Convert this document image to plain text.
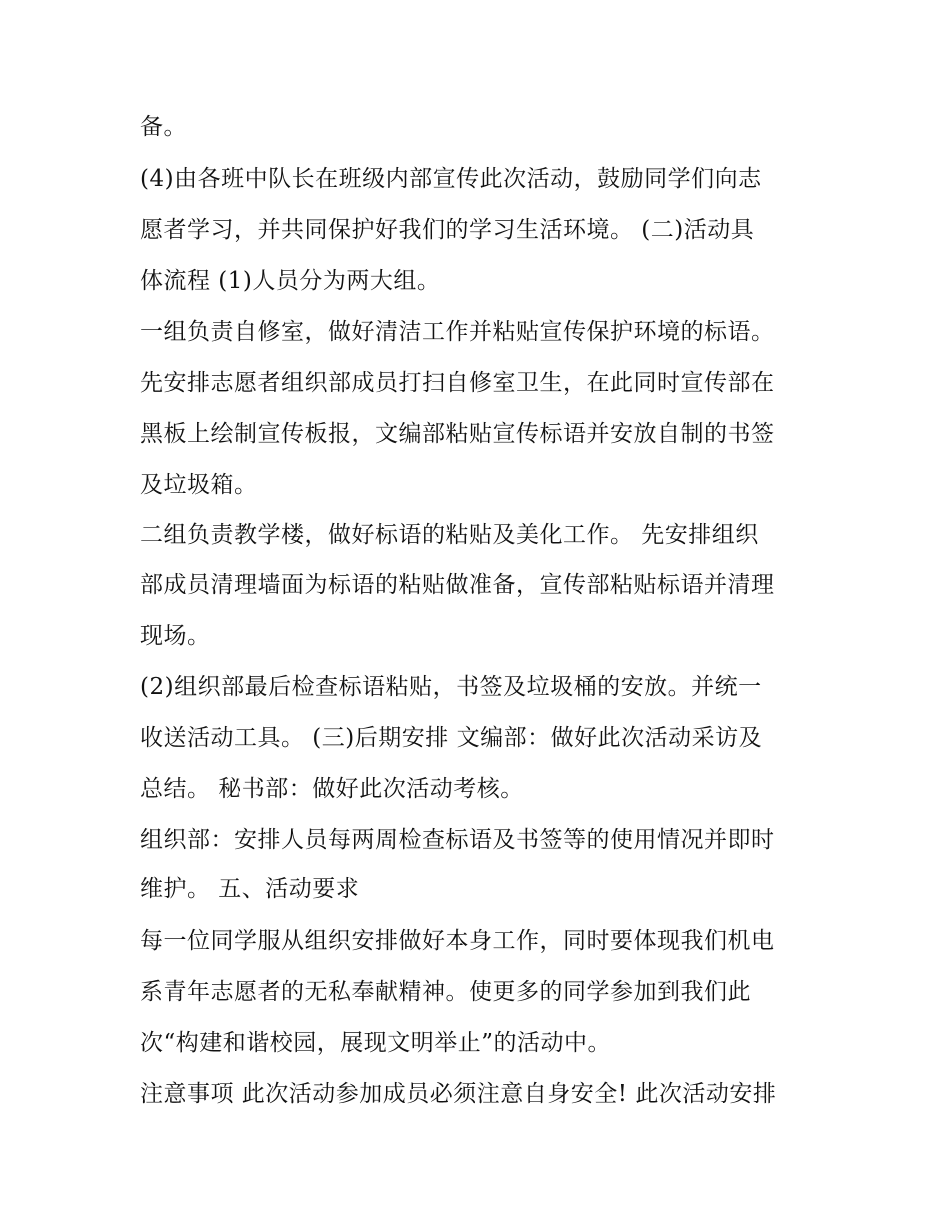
备。
(4)由各班中队长在班级内部宣传此次活动，鼓励同学们向志
愿者学习，并共同保护好我们的学习生活环境。 (二)活动具
体流程 (1)人员分为两大组。
一组负责自修室，做好清洁工作并粘贴宣传保护环境的标语。
先安排志愿者组织部成员打扫自修室卫生，在此同时宣传部在
黑板上绘制宣传板报，文编部粘贴宣传标语并安放自制的书签
及垃圾箱。
二组负责教学楼，做好标语的粘贴及美化工作。 先安排组织
部成员清理墙面为标语的粘贴做准备，宣传部粘贴标语并清理
现场。
(2)组织部最后检查标语粘贴，书签及垃圾桶的安放。并统一
收送活动工具。 (三)后期安排 文编部：做好此次活动采访及
总结。 秘书部：做好此次活动考核。
组织部：安排人员每两周检查标语及书签等的使用情况并即时
维护。 五、活动要求
每一位同学服从组织安排做好本身工作，同时要体现我们机电
系青年志愿者的无私奉献精神。使更多的同学参加到我们此
次“构建和谐校园，展现文明举止”的活动中。
注意事项 此次活动参加成员必须注意自身安全! 此次活动安排
